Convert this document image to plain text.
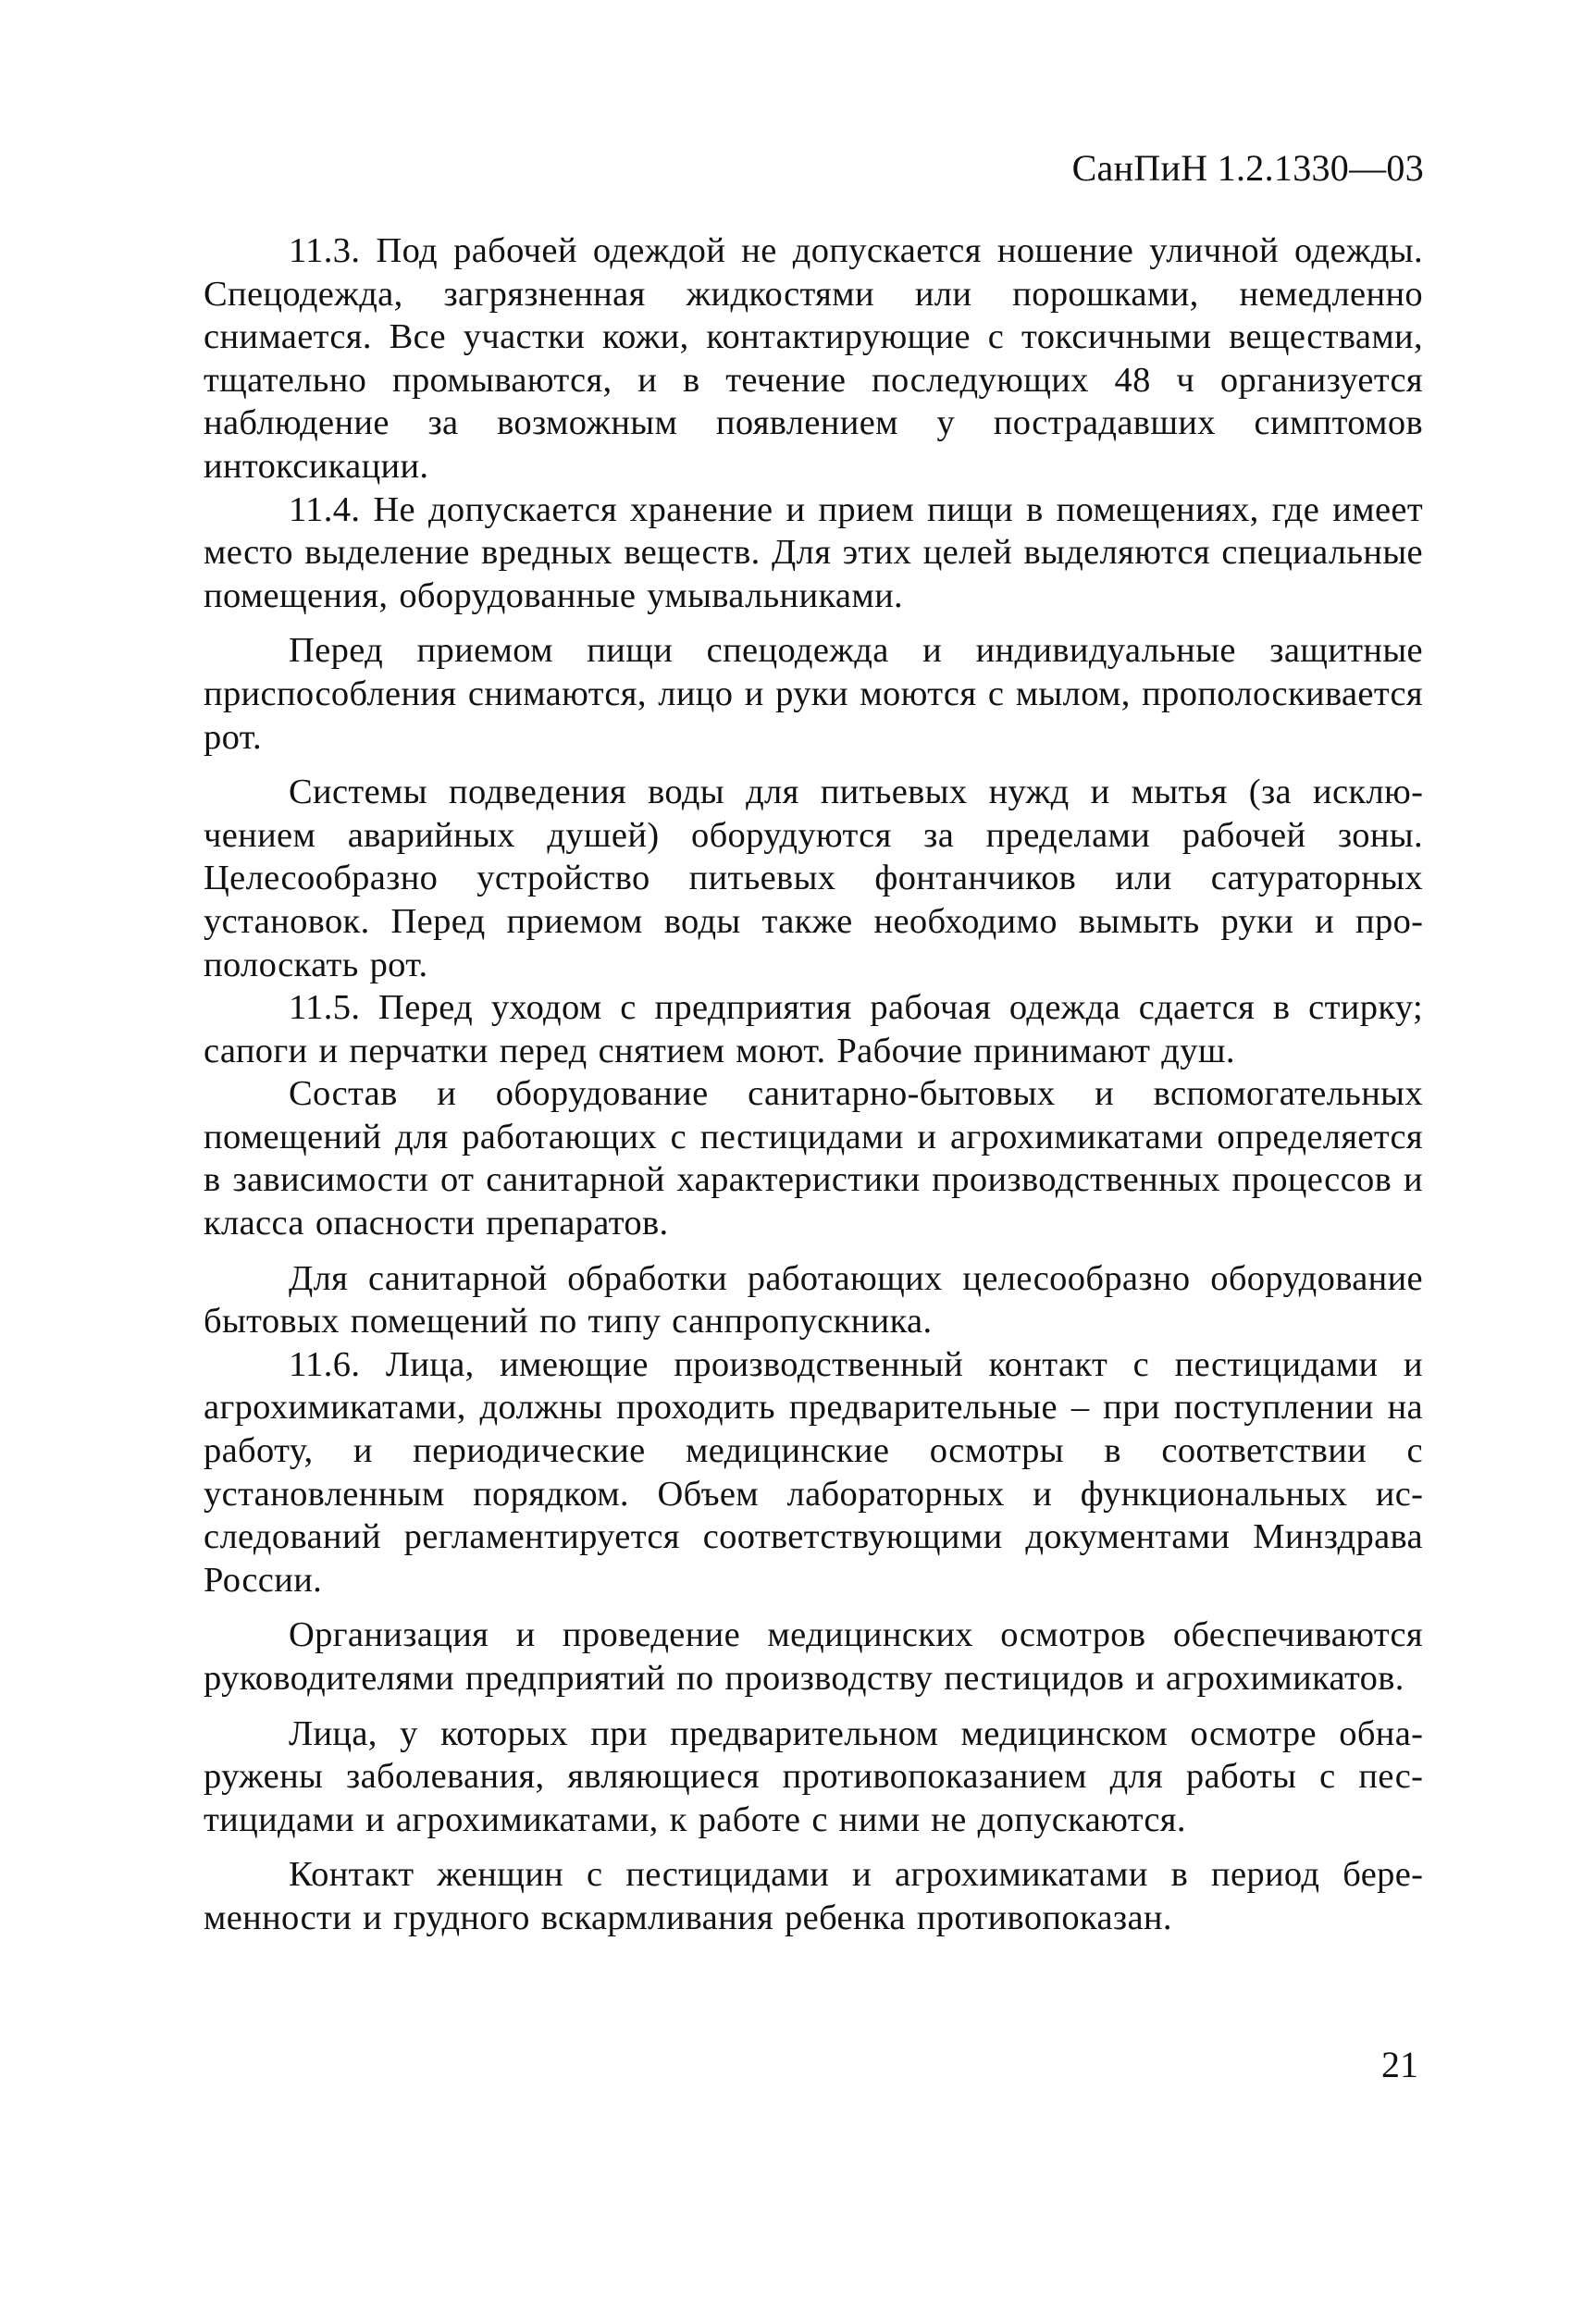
СанПиН 1.2.1330—03

11.3. Под рабочей одеждой не допускается ношение уличной одежды. Спецодежда, загрязненная жидкостями или порошками, немедленно снимается. Все участки кожи, контактирующие с токсичными веществами, тщательно промываются, и в течение последующих 48 ч организуется наблюдение за возможным появлением у пострадавших симптомов интоксикации.

11.4. Не допускается хранение и прием пищи в помещениях, где имеет место выделение вредных веществ. Для этих целей выделяются специальные помещения, оборудованные умывальниками.

Перед приемом пищи спецодежда и индивидуальные защитные приспособления снимаются, лицо и руки моются с мылом, прополоскивается рот.

Системы подведения воды для питьевых нужд и мытья (за исключением аварийных душей) оборудуются за пределами рабочей зоны. Целесообразно устройство питьевых фонтанчиков или сатураторных установок. Перед приемом воды также необходимо вымыть руки и прополоскать рот.

11.5. Перед уходом с предприятия рабочая одежда сдается в стирку; сапоги и перчатки перед снятием моют. Рабочие принимают душ.

Состав и оборудование санитарно-бытовых и вспомогательных помещений для работающих с пестицидами и агрохимикатами определяется в зависимости от санитарной характеристики производственных процессов и класса опасности препаратов.

Для санитарной обработки работающих целесообразно оборудование бытовых помещений по типу санпропускника.

11.6. Лица, имеющие производственный контакт с пестицидами и агрохимикатами, должны проходить предварительные – при поступлении на работу, и периодические медицинские осмотры в соответствии с установленным порядком. Объем лабораторных и функциональных исследований регламентируется соответствующими документами Минздрава России.

Организация и проведение медицинских осмотров обеспечиваются руководителями предприятий по производству пестицидов и агрохимикатов.

Лица, у которых при предварительном медицинском осмотре обнаружены заболевания, являющиеся противопоказанием для работы с пестицидами и агрохимикатами, к работе с ними не допускаются.

Контакт женщин с пестицидами и агрохимикатами в период беременности и грудного вскармливания ребенка противопоказан.

21
